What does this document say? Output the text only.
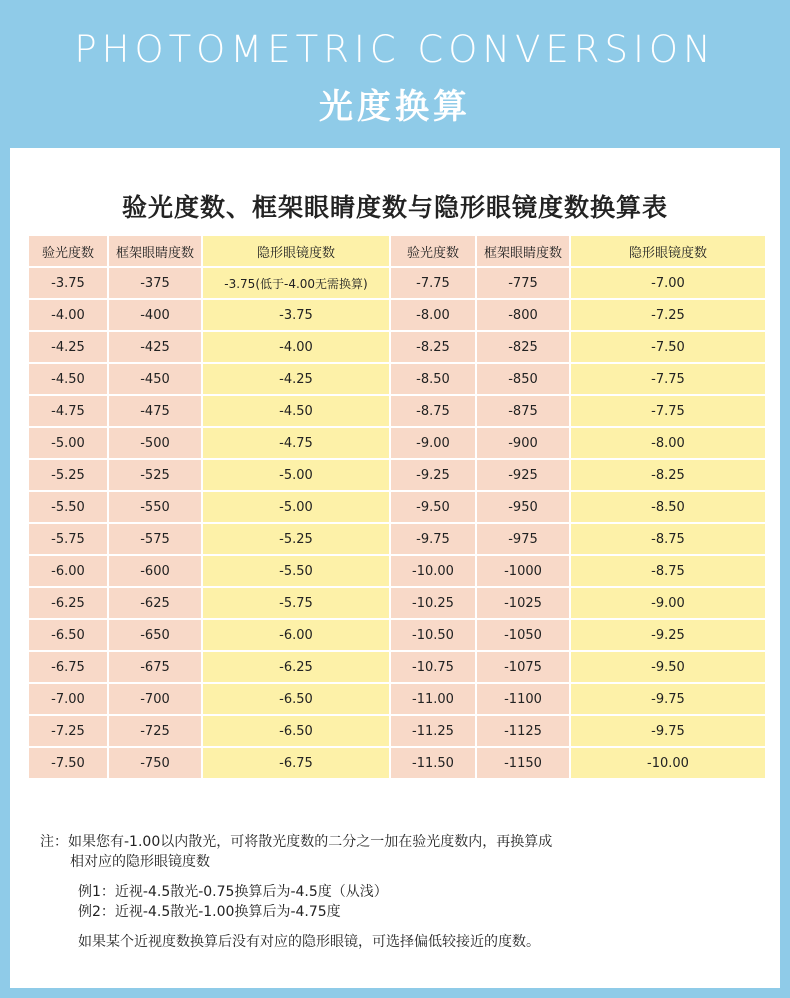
PHOTOMETRIC CONVERSION
光度换算
验光度数、框架眼睛度数与隐形眼镜度数换算表
验光度数	框架眼睛度数	隐形眼镜度数	验光度数	框架眼睛度数	隐形眼镜度数
-3.75	-375	-3.75(低于-4.00无需换算)	-7.75	-775	-7.00
-4.00	-400	-3.75	-8.00	-800	-7.25
-4.25	-425	-4.00	-8.25	-825	-7.50
-4.50	-450	-4.25	-8.50	-850	-7.75
-4.75	-475	-4.50	-8.75	-875	-7.75
-5.00	-500	-4.75	-9.00	-900	-8.00
-5.25	-525	-5.00	-9.25	-925	-8.25
-5.50	-550	-5.00	-9.50	-950	-8.50
-5.75	-575	-5.25	-9.75	-975	-8.75
-6.00	-600	-5.50	-10.00	-1000	-8.75
-6.25	-625	-5.75	-10.25	-1025	-9.00
-6.50	-650	-6.00	-10.50	-1050	-9.25
-6.75	-675	-6.25	-10.75	-1075	-9.50
-7.00	-700	-6.50	-11.00	-1100	-9.75
-7.25	-725	-6.50	-11.25	-1125	-9.75
-7.50	-750	-6.75	-11.50	-1150	-10.00

注：如果您有-1.00以内散光，可将散光度数的二分之一加在验光度数内，再换算成

相对应的隐形眼镜度数

例1：近视-4.5散光-0.75换算后为-4.5度（从浅）

例2：近视-4.5散光-1.00换算后为-4.75度

如果某个近视度数换算后没有对应的隐形眼镜，可选择偏低较接近的度数。
